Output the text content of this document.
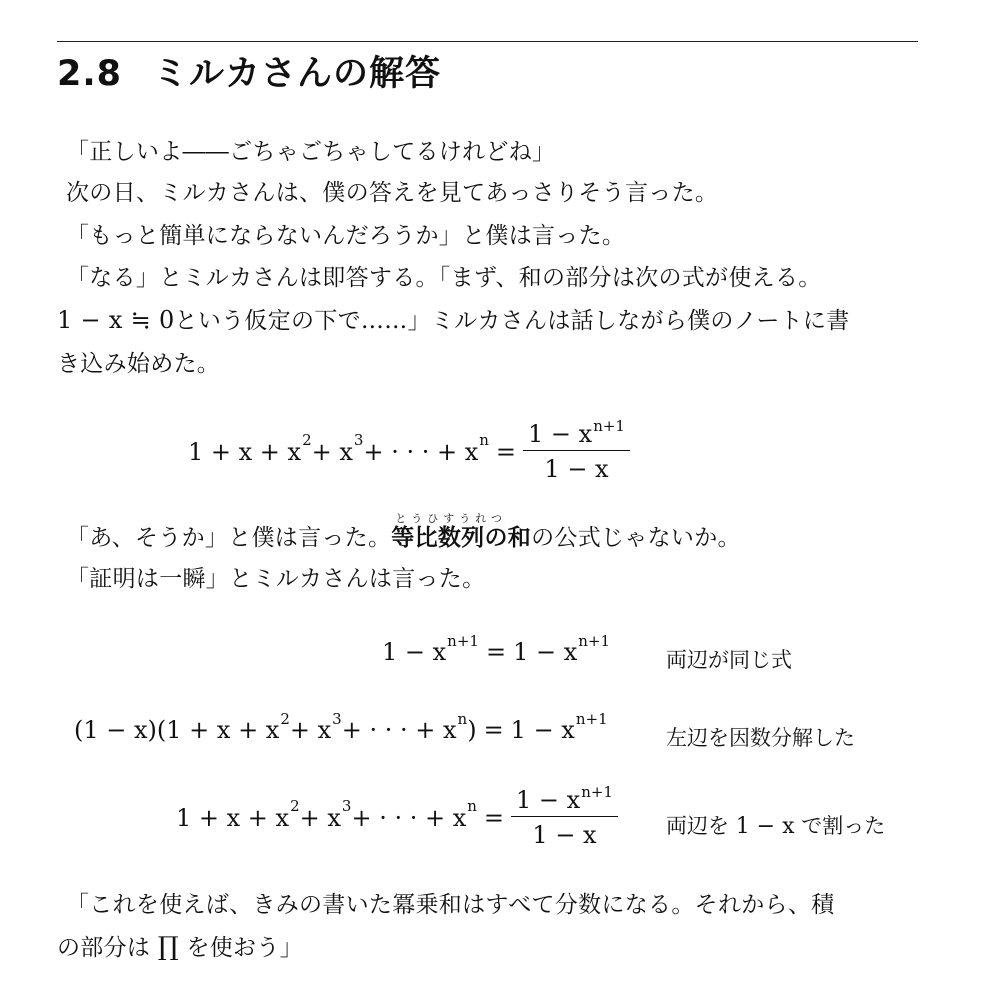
2.8 ミルカさんの解答

「正しいよ――ごちゃごちゃしてるけれどね」

次の日、ミルカさんは、僕の答えを見てあっさりそう言った。

「もっと簡単にならないんだろうか」と僕は言った。

「なる」とミルカさんは即答する。「まず、和の部分は次の式が使える。

1 − x ≒ 0という仮定の下で……」ミルカさんは話しながら僕のノートに書

き込み始めた。

$1 + x + x^2 + x^3$ + · · · + $x^n = \frac{1 - x^{n+1}}{1 - x}$

「あ、そうか」と僕は言った。
とうひすうれつ
等比数列の和の公式じゃないか。

「証明は一瞬」とミルカさんは言った。

$1 - x^{n+1} = 1 - x^{n+1}$
両辺が同じ式
$(1 - x)(1 + x + x^2 + x^3$ + · · · + $x^n$ ) = $1 - x^{n+1}$
左辺を因数分解した
$1 + x + x^2 + x^3$ + · · · + $x^n = \frac{1 - x^{n+1}}{1 - x}$ 両辺を 1 − x で割った

「これを使えば、きみの書いた冪乗和はすべて分数になる。それから、積

の部分は ∏ を使おう」
